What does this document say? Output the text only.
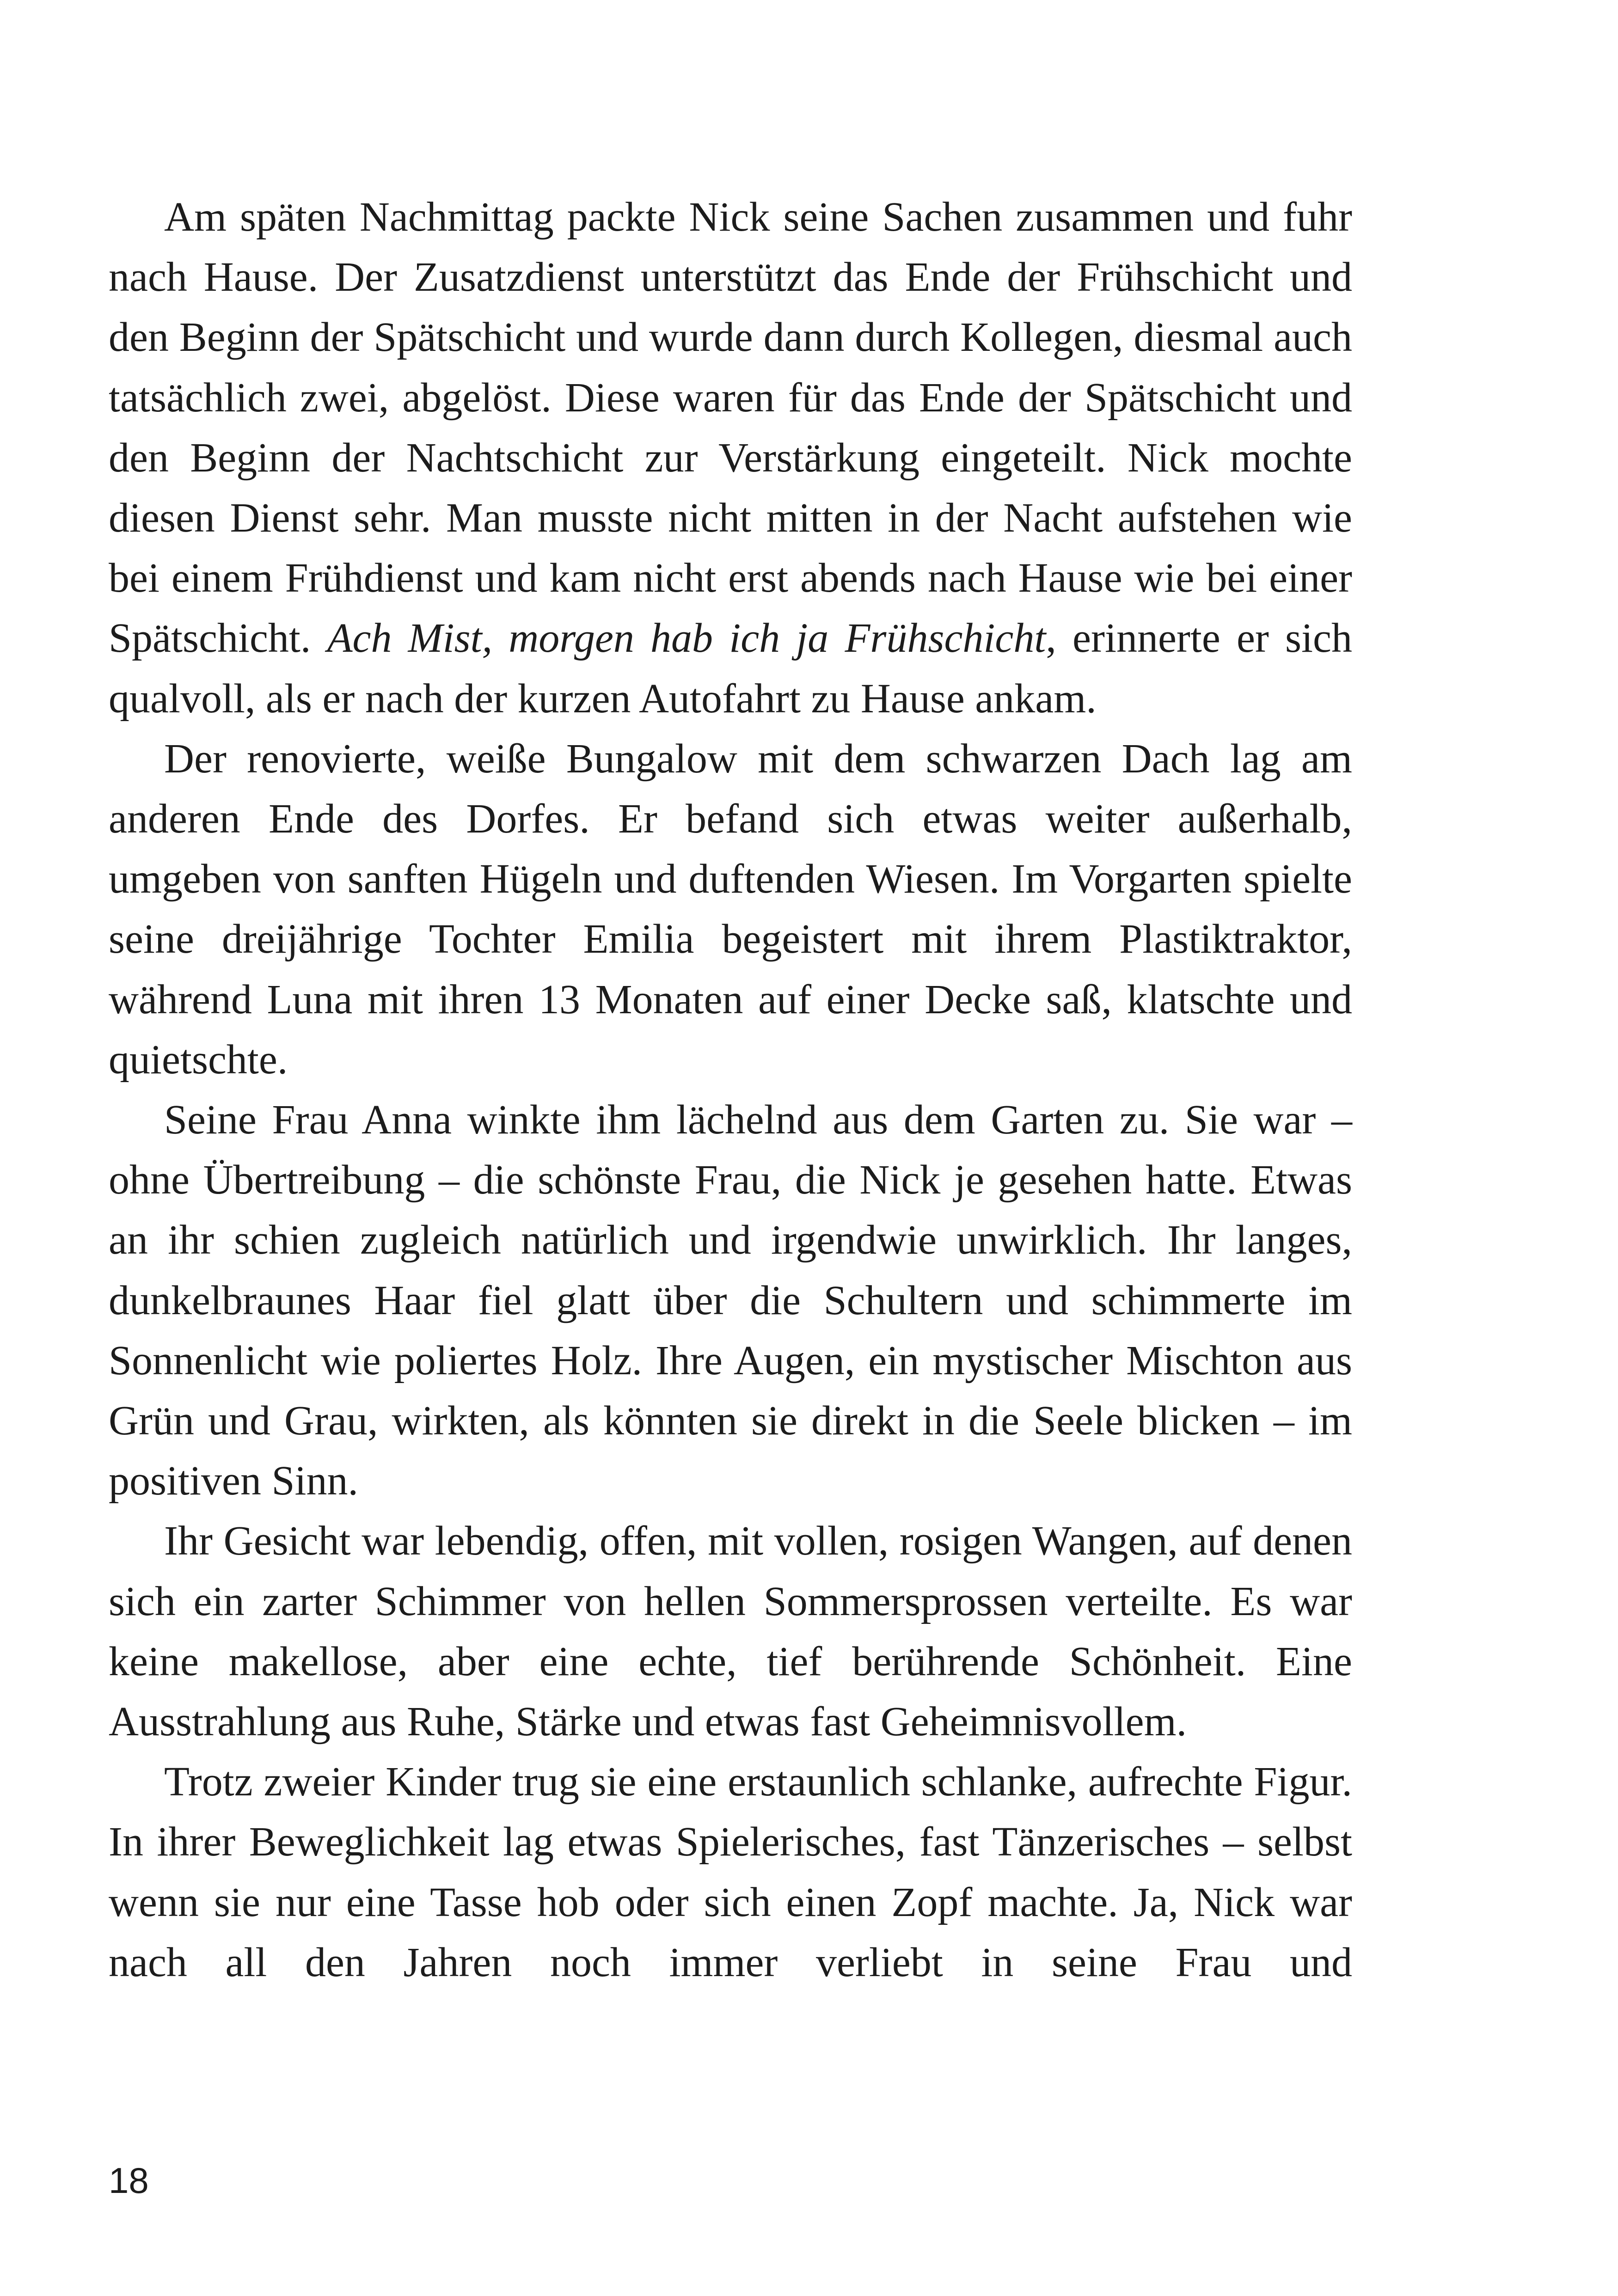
Am späten Nachmittag packte Nick seine Sachen zusammen und fuhr nach Hause. Der Zusatzdienst unterstützt das Ende der Frühschicht und den Beginn der Spätschicht und wurde dann durch Kollegen, diesmal auch tatsächlich zwei, abgelöst. Diese waren für das Ende der Spätschicht und den Beginn der Nachtschicht zur Verstärkung eingeteilt. Nick mochte diesen Dienst sehr. Man musste nicht mitten in der Nacht aufstehen wie bei einem Frühdienst und kam nicht erst abends nach Hause wie bei einer Spätschicht. Ach Mist, morgen hab ich ja Frühschicht, erinnerte er sich qualvoll, als er nach der kurzen Autofahrt zu Hause ankam.

Der renovierte, weiße Bungalow mit dem schwarzen Dach lag am anderen Ende des Dorfes. Er befand sich etwas weiter außerhalb, umgeben von sanften Hügeln und duftenden Wiesen. Im Vorgarten spielte seine dreijährige Tochter Emilia begeistert mit ihrem Plastiktraktor, während Luna mit ihren 13 Monaten auf einer Decke saß, klatschte und quietschte.

Seine Frau Anna winkte ihm lächelnd aus dem Garten zu. Sie war – ohne Übertreibung – die schönste Frau, die Nick je gesehen hatte. Etwas an ihr schien zugleich natürlich und irgendwie unwirklich. Ihr langes, dunkelbraunes Haar fiel glatt über die Schultern und schimmerte im Sonnenlicht wie poliertes Holz. Ihre Augen, ein mystischer Mischton aus Grün und Grau, wirkten, als könnten sie direkt in die Seele blicken – im positiven Sinn.

Ihr Gesicht war lebendig, offen, mit vollen, rosigen Wangen, auf denen sich ein zarter Schimmer von hellen Sommersprossen verteilte. Es war keine makellose, aber eine echte, tief berührende Schönheit. Eine Ausstrahlung aus Ruhe, Stärke und etwas fast Geheimnisvollem.

Trotz zweier Kinder trug sie eine erstaunlich schlanke, aufrechte Figur. In ihrer Beweglichkeit lag etwas Spielerisches, fast Tänzerisches – selbst wenn sie nur eine Tasse hob oder sich einen Zopf machte. Ja, Nick war nach all den Jahren noch immer verliebt in seine Frau und

18
